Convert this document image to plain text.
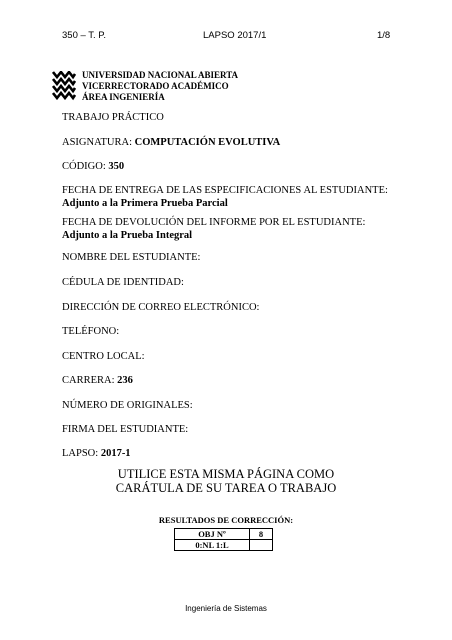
350 – T. P.	LAPSO 2017/1	1/8
UNIVERSIDAD NACIONAL ABIERTA
VICERRECTORADO ACADÉMICO
ÁREA INGENIERÍA
TRABAJO PRÁCTICO
ASIGNATURA: COMPUTACIÓN EVOLUTIVA
CÓDIGO: 350
FECHA DE ENTREGA DE LAS ESPECIFICACIONES AL ESTUDIANTE:
Adjunto a la Primera Prueba Parcial
FECHA DE DEVOLUCIÓN DEL INFORME POR EL ESTUDIANTE:
Adjunto a la Prueba Integral
NOMBRE DEL ESTUDIANTE:
CÉDULA DE IDENTIDAD:
DIRECCIÓN DE CORREO ELECTRÓNICO:
TELÉFONO:
CENTRO LOCAL:
CARRERA: 236
NÚMERO DE ORIGINALES:
FIRMA DEL ESTUDIANTE:
LAPSO: 2017-1
UTILICE ESTA MISMA PÁGINA COMO
CARÁTULA DE SU TAREA O TRABAJO
RESULTADOS DE CORRECCIÓN:
OBJ Nº	8
0:NL 1:L	
Ingeniería de Sistemas
